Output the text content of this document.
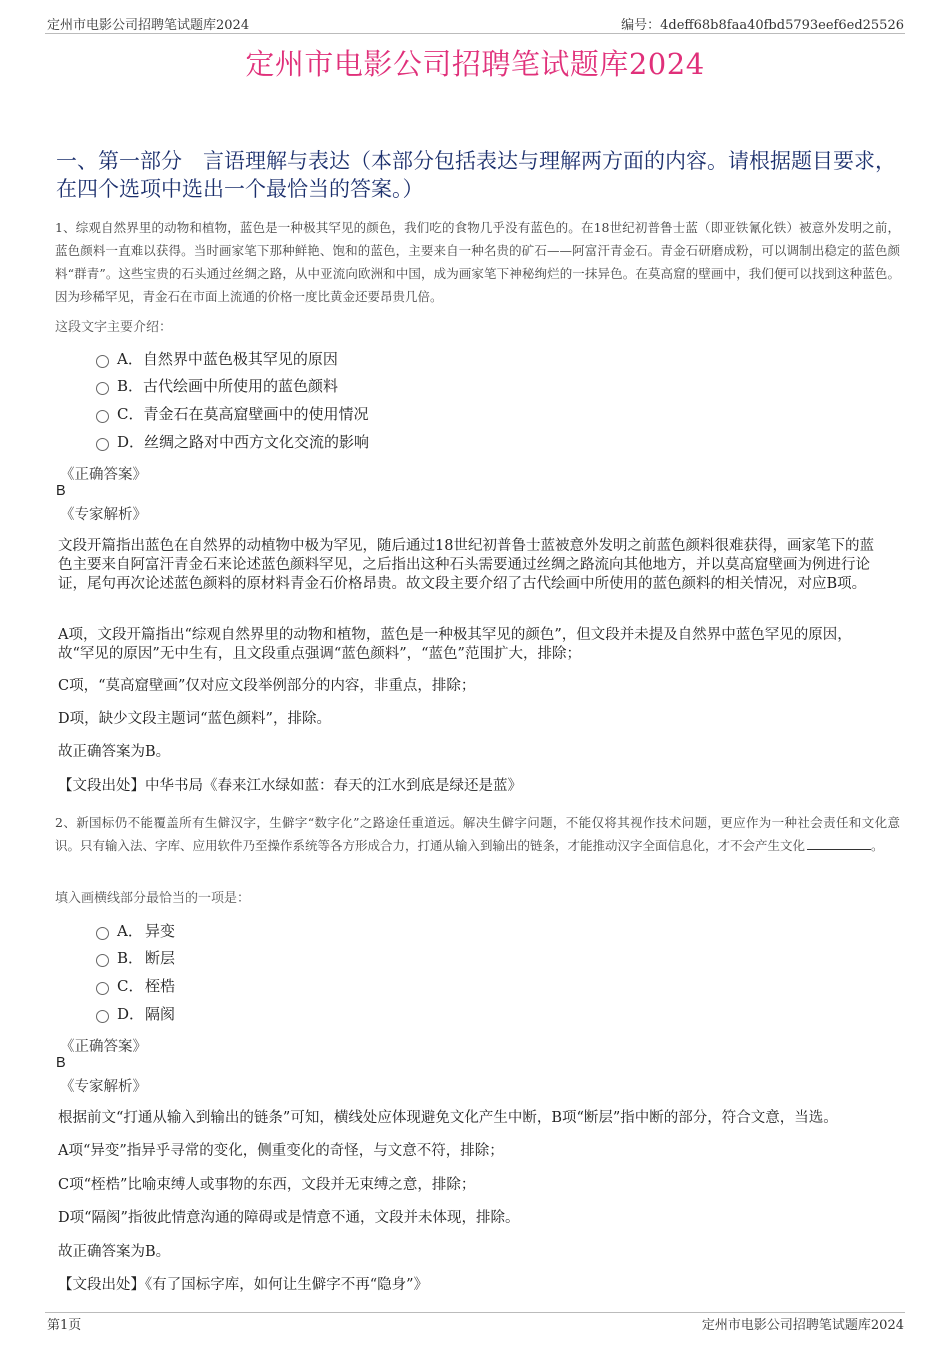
定州市电影公司招聘笔试题库2024	编号：4deff68b8faa40fbd5793eef6ed25526
定州市电影公司招聘笔试题库2024
一、第一部分　言语理解与表达（本部分包括表达与理解两方面的内容。请根据题目要求，在四个选项中选出一个最恰当的答案。）
1、综观自然界里的动物和植物，蓝色是一种极其罕见的颜色，我们吃的食物几乎没有蓝色的。在18世纪初普鲁士蓝（即亚铁氰化铁）被意外发明之前，蓝色颜料一直难以获得。当时画家笔下那种鲜艳、饱和的蓝色，主要来自一种名贵的矿石——阿富汗青金石。青金石研磨成粉，可以调制出稳定的蓝色颜料“群青”。这些宝贵的石头通过丝绸之路，从中亚流向欧洲和中国，成为画家笔下神秘绚烂的一抹异色。在莫高窟的壁画中，我们便可以找到这种蓝色。因为珍稀罕见，青金石在市面上流通的价格一度比黄金还要昂贵几倍。
这段文字主要介绍：
A．自然界中蓝色极其罕见的原因
B．古代绘画中所使用的蓝色颜料
C．青金石在莫高窟壁画中的使用情况
D．丝绸之路对中西方文化交流的影响
《正确答案》
B
《专家解析》
文段开篇指出蓝色在自然界的动植物中极为罕见，随后通过18世纪初普鲁士蓝被意外发明之前蓝色颜料很难获得，画家笔下的蓝色主要来自阿富汗青金石来论述蓝色颜料罕见，之后指出这种石头需要通过丝绸之路流向其他地方，并以莫高窟壁画为例进行论证，尾句再次论述蓝色颜料的原材料青金石价格昂贵。故文段主要介绍了古代绘画中所使用的蓝色颜料的相关情况，对应B项。
A项，文段开篇指出“综观自然界里的动物和植物，蓝色是一种极其罕见的颜色”，但文段并未提及自然界中蓝色罕见的原因，故“罕见的原因”无中生有，且文段重点强调“蓝色颜料”，“蓝色”范围扩大，排除；
C项，“莫高窟壁画”仅对应文段举例部分的内容，非重点，排除；
D项，缺少文段主题词“蓝色颜料”，排除。
故正确答案为B。
【文段出处】中华书局《春来江水绿如蓝：春天的江水到底是绿还是蓝》
2、新国标仍不能覆盖所有生僻汉字，生僻字“数字化”之路途任重道远。解决生僻字问题，不能仅将其视作技术问题，更应作为一种社会责任和文化意识。只有输入法、字库、应用软件乃至操作系统等各方形成合力，打通从输入到输出的链条，才能推动汉字全面信息化，才不会产生文化	。
填入画横线部分最恰当的一项是：
A． 异变
B． 断层
C． 桎梏
D．隔阂
《正确答案》
B
《专家解析》
根据前文“打通从输入到输出的链条”可知，横线处应体现避免文化产生中断，B项“断层”指中断的部分，符合文意，当选。
A项“异变”指异乎寻常的变化，侧重变化的奇怪，与文意不符，排除；
C项“桎梏”比喻束缚人或事物的东西，文段并无束缚之意，排除；
D项“隔阂”指彼此情意沟通的障碍或是情意不通，文段并未体现，排除。
故正确答案为B。
【文段出处】《有了国标字库，如何让生僻字不再“隐身”》
第1页	定州市电影公司招聘笔试题库2024
